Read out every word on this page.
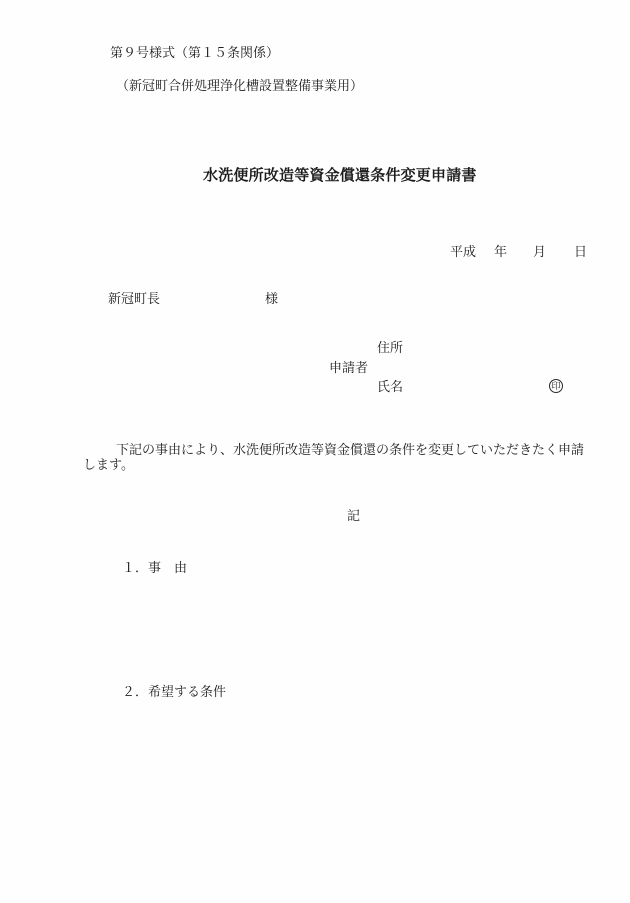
第９号様式（第１５条関係）
（新冠町合併処理浄化槽設置整備事業用）
水洗便所改造等資金償還条件変更申請書
平成 年 月 日
新冠町長	様
申請者
住所
氏名	印

下記の事由により、水洗便所改造等資金償還の条件を変更していただきたく申請します。

記
１．事　由
２．希望する条件
